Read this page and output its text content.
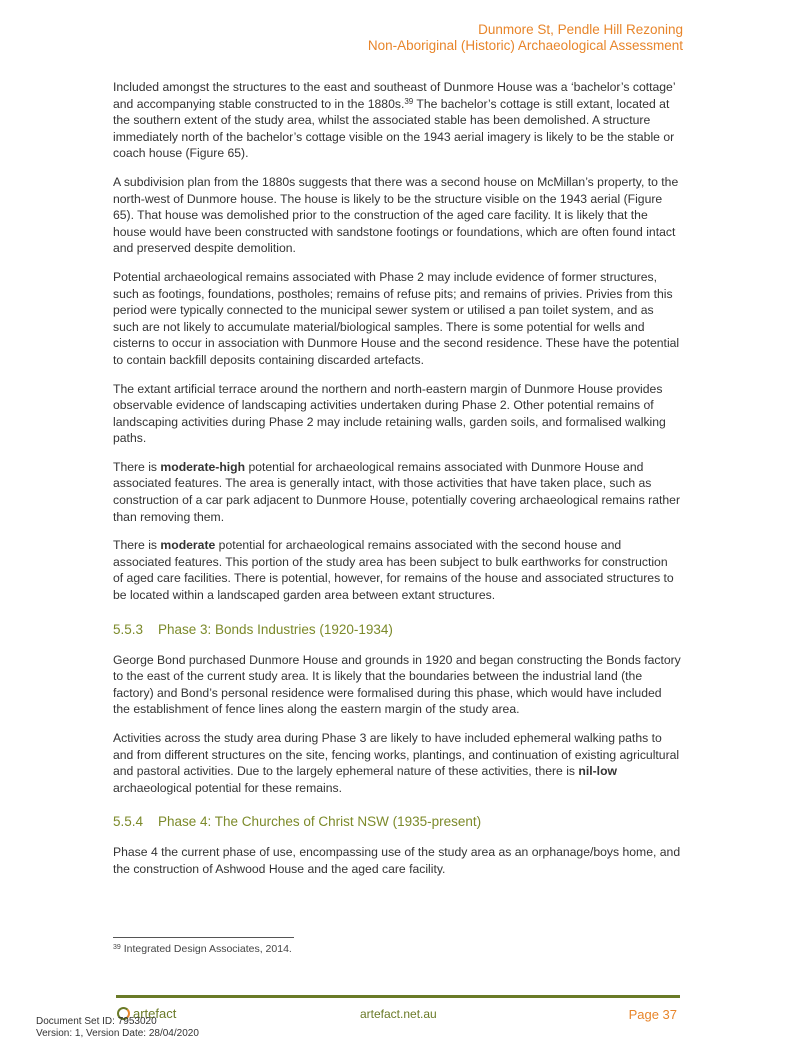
Dunmore St, Pendle Hill Rezoning
Non-Aboriginal (Historic) Archaeological Assessment

Included amongst the structures to the east and southeast of Dunmore House was a ‘bachelor’s cottage’ and accompanying stable constructed to in the 1880s.$^{39}$ The bachelor’s cottage is still extant, located at the southern extent of the study area, whilst the associated stable has been demolished. A structure immediately north of the bachelor’s cottage visible on the 1943 aerial imagery is likely to be the stable or coach house (Figure 65).

A subdivision plan from the 1880s suggests that there was a second house on McMillan’s property, to the north-west of Dunmore house. The house is likely to be the structure visible on the 1943 aerial (Figure 65). That house was demolished prior to the construction of the aged care facility. It is likely that the house would have been constructed with sandstone footings or foundations, which are often found intact and preserved despite demolition.

Potential archaeological remains associated with Phase 2 may include evidence of former structures, such as footings, foundations, postholes; remains of refuse pits; and remains of privies. Privies from this period were typically connected to the municipal sewer system or utilised a pan toilet system, and as such are not likely to accumulate material/biological samples. There is some potential for wells and cisterns to occur in association with Dunmore House and the second residence. These have the potential to contain backfill deposits containing discarded artefacts.

The extant artificial terrace around the northern and north-eastern margin of Dunmore House provides observable evidence of landscaping activities undertaken during Phase 2. Other potential remains of landscaping activities during Phase 2 may include retaining walls, garden soils, and formalised walking paths.

There is moderate-high potential for archaeological remains associated with Dunmore House and associated features. The area is generally intact, with those activities that have taken place, such as construction of a car park adjacent to Dunmore House, potentially covering archaeological remains rather than removing them.

There is moderate potential for archaeological remains associated with the second house and associated features. This portion of the study area has been subject to bulk earthworks for construction of aged care facilities. There is potential, however, for remains of the house and associated structures to be located within a landscaped garden area between extant structures.

5.5.3 Phase 3: Bonds Industries (1920-1934)

George Bond purchased Dunmore House and grounds in 1920 and began constructing the Bonds factory to the east of the current study area. It is likely that the boundaries between the industrial land (the factory) and Bond’s personal residence were formalised during this phase, which would have included the establishment of fence lines along the eastern margin of the study area.

Activities across the study area during Phase 3 are likely to have included ephemeral walking paths to and from different structures on the site, fencing works, plantings, and continuation of existing agricultural and pastoral activities. Due to the largely ephemeral nature of these activities, there is nil-low archaeological potential for these remains.

5.5.4 Phase 4: The Churches of Christ NSW (1935-present)

Phase 4 the current phase of use, encompassing use of the study area as an orphanage/boys home, and the construction of Ashwood House and the aged care facility.

$^{39}$ Integrated Design Associates, 2014.
artefact	artefact.net.au	Page 37
Document Set ID: 7953020
Version: 1, Version Date: 28/04/2020
